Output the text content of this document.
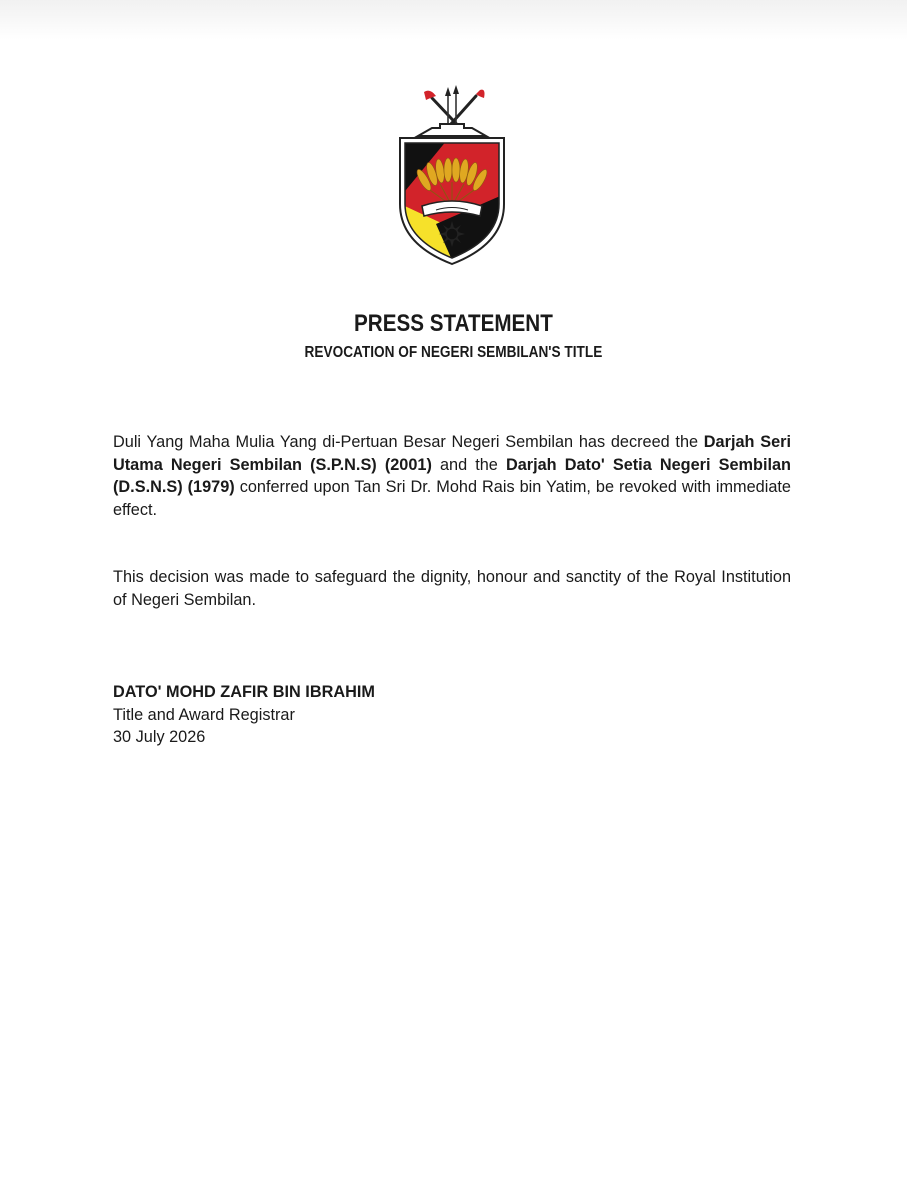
PRESS STATEMENT
REVOCATION OF NEGERI SEMBILAN'S TITLE
Duli Yang Maha Mulia Yang di-Pertuan Besar Negeri Sembilan has decreed the Darjah Seri Utama Negeri Sembilan (S.P.N.S) (2001) and the Darjah Dato' Setia Negeri Sembilan (D.S.N.S) (1979) conferred upon Tan Sri Dr. Mohd Rais bin Yatim, be revoked with immediate effect.
This decision was made to safeguard the dignity, honour and sanctity of the Royal Institution of Negeri Sembilan.
DATO' MOHD ZAFIR BIN IBRAHIM
Title and Award Registrar
30 July 2026
